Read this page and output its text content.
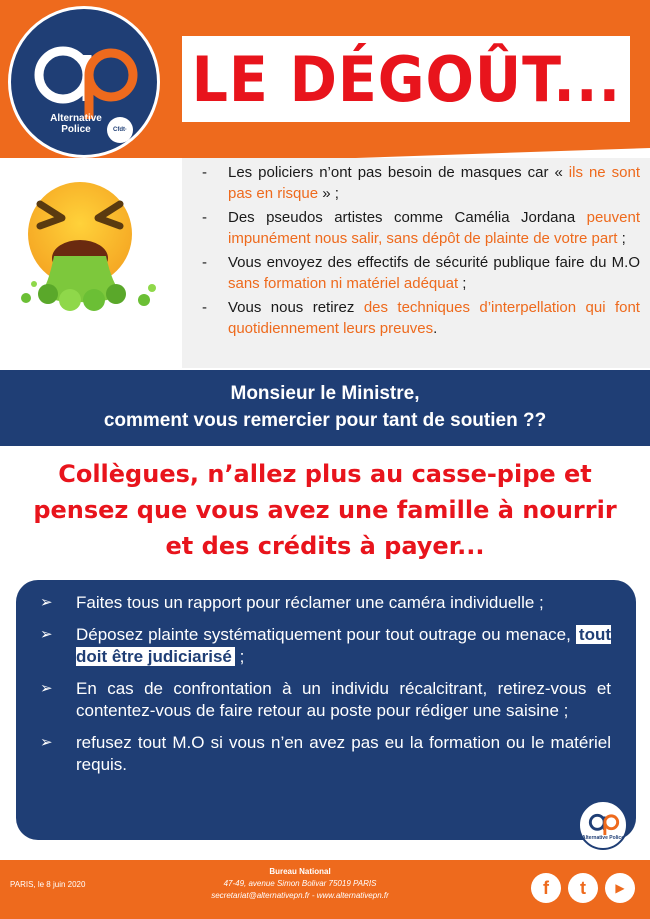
Alternative
Police	Cfdt·
LE DÉGOÛT...
- Les policiers n’ont pas besoin de masques car « ils ne sont pas en risque » ;
- Des pseudos artistes comme Camélia Jordana peuvent impunément nous salir, sans dépôt de plainte de votre part ;
- Vous envoyez des effectifs de sécurité publique faire du M.O sans formation ni matériel adéquat ;
- Vous nous retirez des techniques d’interpellation qui font quotidiennement leurs preuves.
Monsieur le Ministre,
comment vous remercier pour tant de soutien ??
Collègues, n’allez plus au casse-pipe et
pensez que vous avez une famille à nourrir
et des crédits à payer...
➢ Faites tous un rapport pour réclamer une caméra individuelle ;
➢ Déposez plainte systématiquement pour tout outrage ou menace, tout doit être judiciarisé ;
➢ En cas de confrontation à un individu récalcitrant, retirez-vous et contentez-vous de faire retour au poste pour rédiger une saisine ;
➢ refusez tout M.O si vous n’en avez pas eu la formation ou le matériel requis.
Alternative Police
PARIS, le 8 juin 2020
Bureau National
47-49, avenue Simon Bolivar 75019 PARIS
secretariat@alternativepn.fr - www.alternativepn.fr	f	t	▶
